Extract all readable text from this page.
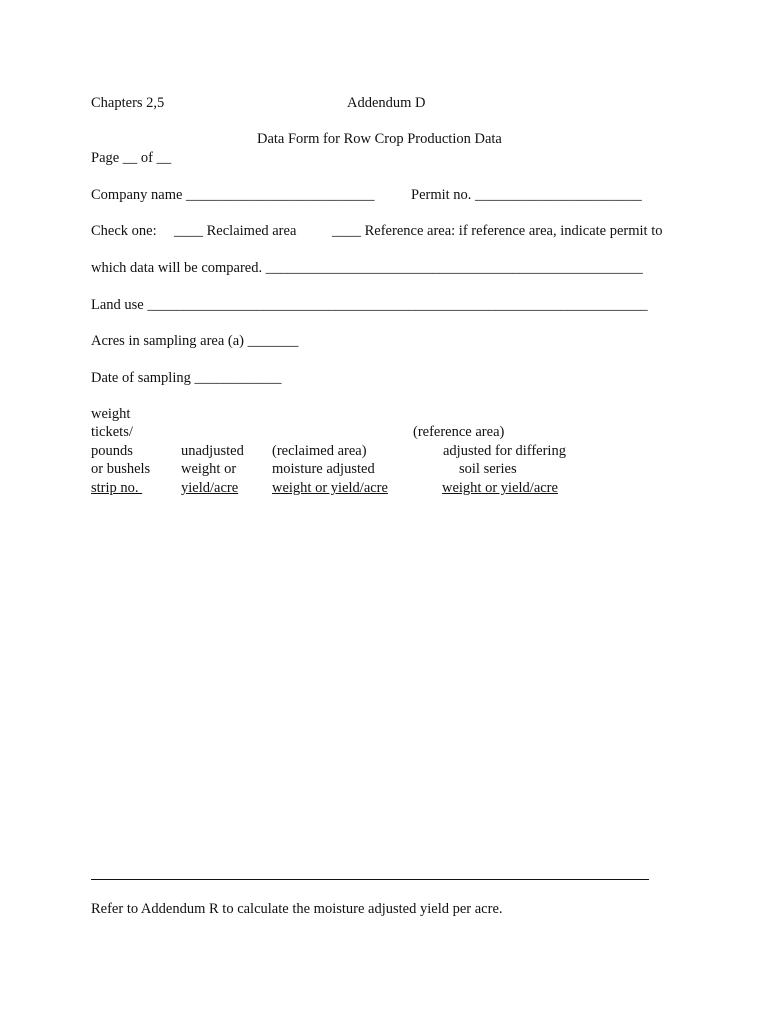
Chapters 2,5	Addendum D
Data Form for Row Crop Production Data
Page __ of __
Company name __________________________	Permit no. _______________________
Check one: ____ Reclaimed area ____ Reference area: if reference area, indicate permit to
which data will be compared. ____________________________________________________
Land use _____________________________________________________________________
Acres in sampling area (a) _______
Date of sampling ____________
weight
tickets/
pounds
or bushels
strip no.
unadjusted
weight or
yield/acre
(reclaimed area)
moisture adjusted
weight or yield/acre
(reference area)
adjusted for differing
soil series
weight or yield/acre
Refer to Addendum R to calculate the moisture adjusted yield per acre.
